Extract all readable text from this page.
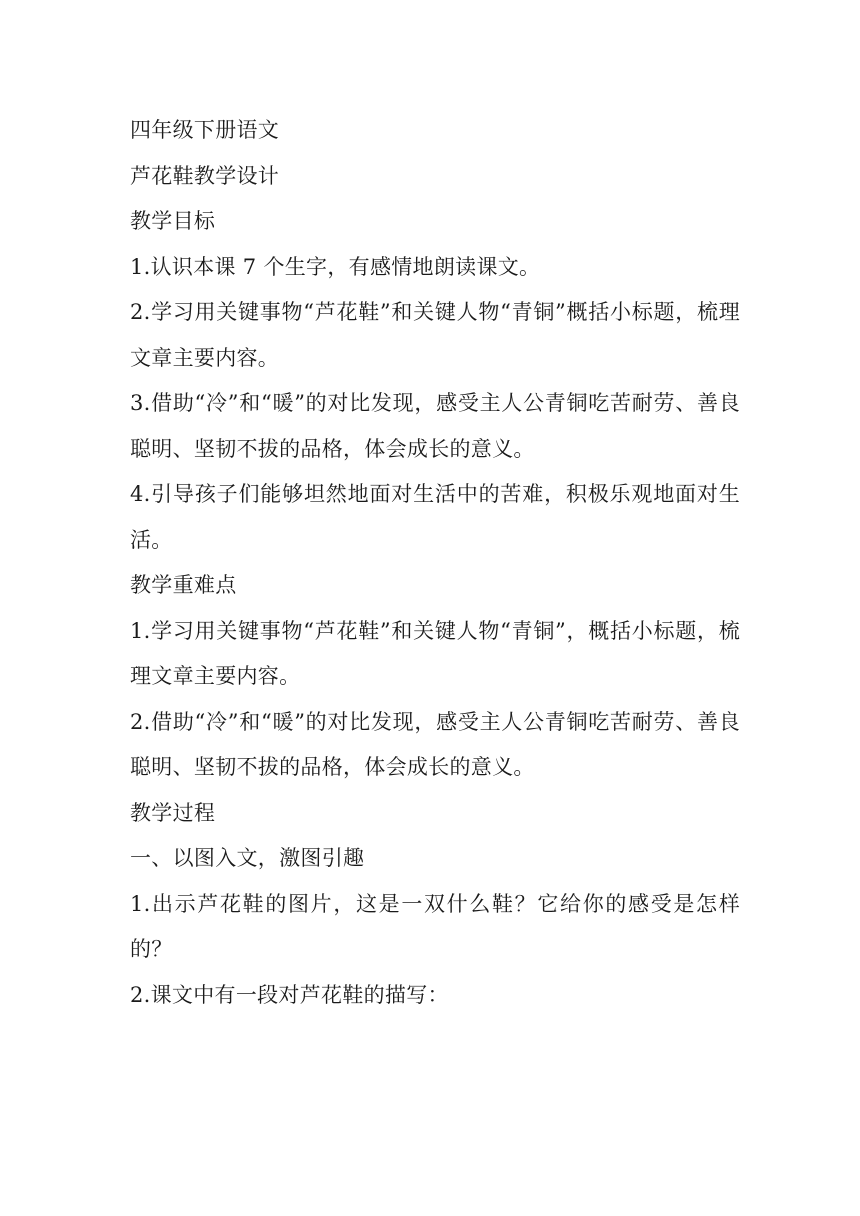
四年级下册语文

芦花鞋教学设计

教学目标

1.认识本课 7 个生字，有感情地朗读课文。

2.学习用关键事物“芦花鞋”和关键人物“青铜”概括小标题，梳理文章主要内容。

3.借助“冷”和“暖”的对比发现，感受主人公青铜吃苦耐劳、善良聪明、坚韧不拔的品格，体会成长的意义。

4.引导孩子们能够坦然地面对生活中的苦难，积极乐观地面对生活。

教学重难点

1.学习用关键事物“芦花鞋”和关键人物“青铜”，概括小标题，梳理文章主要内容。

2.借助“冷”和“暖”的对比发现，感受主人公青铜吃苦耐劳、善良聪明、坚韧不拔的品格，体会成长的意义。

教学过程

一、以图入文，激图引趣

1.出示芦花鞋的图片，这是一双什么鞋？它给你的感受是怎样的？

2.课文中有一段对芦花鞋的描写：
